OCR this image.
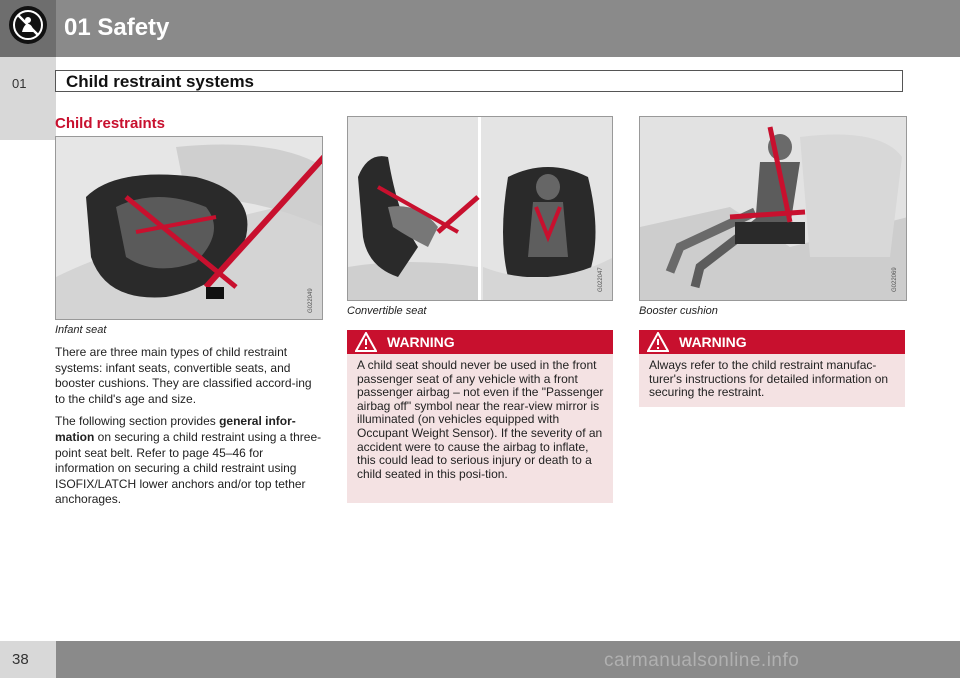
01 Safety
01 Child restraint systems
Child restraints
G022049
Infant seat

There are three main types of child restraint systems: infant seats, convertible seats, and booster cushions. They are classified accord-ing to the child's age and size.

The following section provides general infor-mation on securing a child restraint using a three-point seat belt. Refer to page 45–46 for information on securing a child restraint using ISOFIX/LATCH lower anchors and/or top tether anchorages.

G022047
Convertible seat
WARNING
A child seat should never be used in the front passenger seat of any vehicle with a front passenger airbag – not even if the "Passenger airbag off" symbol near the rear-view mirror is illuminated (on vehicles equipped with Occupant Weight Sensor). If the severity of an accident were to cause the airbag to inflate, this could lead to serious injury or death to a child seated in this posi-tion.
G022069
Booster cushion
WARNING
Always refer to the child restraint manufac-turer's instructions for detailed information on securing the restraint.
38	carmanualsonline.info
